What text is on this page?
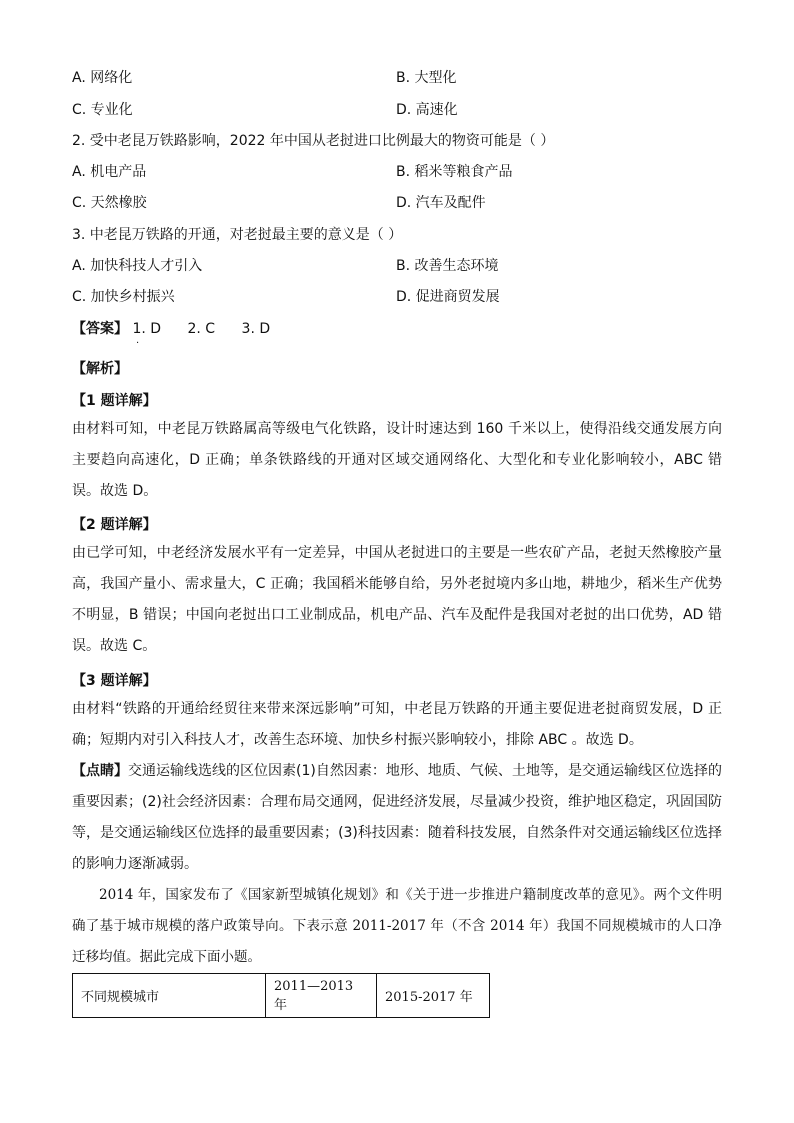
A. 网络化	B. 大型化
C. 专业化	D. 高速化
2. 受中老昆万铁路影响，2022 年中国从老挝进口比例最大的物资可能是（ ）
A. 机电产品	B. 稻米等粮食产品
C. 天然橡胶	D. 汽车及配件
3. 中老昆万铁路的开通，对老挝最主要的意义是（ ）
A. 加快科技人才引入	B. 改善生态环境
C. 加快乡村振兴	D. 促进商贸发展
【答案】 1. D 2. C 3. D
·
【解析】
【1 题详解】
由材料可知，中老昆万铁路属高等级电气化铁路，设计时速达到 160 千米以上，使得沿线交通发展方向主要趋向高速化，D 正确；单条铁路线的开通对区域交通网络化、大型化和专业化影响较小，ABC 错误。故选 D。
【2 题详解】
由已学可知，中老经济发展水平有一定差异，中国从老挝进口的主要是一些农矿产品，老挝天然橡胶产量高，我国产量小、需求量大，C 正确；我国稻米能够自给，另外老挝境内多山地，耕地少，稻米生产优势不明显，B 错误；中国向老挝出口工业制成品，机电产品、汽车及配件是我国对老挝的出口优势，AD 错误。故选 C。
【3 题详解】
由材料“铁路的开通给经贸往来带来深远影响”可知，中老昆万铁路的开通主要促进老挝商贸发展，D 正确；短期内对引入科技人才，改善生态环境、加快乡村振兴影响较小，排除 ABC 。故选 D。
【点睛】交通运输线选线的区位因素(1)自然因素：地形、地质、气候、土地等，是交通运输线区位选择的重要因素；(2)社会经济因素：合理布局交通网，促进经济发展，尽量减少投资，维护地区稳定，巩固国防等，是交通运输线区位选择的最重要因素；(3)科技因素：随着科技发展，自然条件对交通运输线区位选择的影响力逐渐减弱。
2014 年，国家发布了《国家新型城镇化规划》和《关于进一步推进户籍制度改革的意见》。两个文件明确了基于城市规模的落户政策导向。下表示意 2011-2017 年（不含 2014 年）我国不同规模城市的人口净迁移均值。据此完成下面小题。
不同规模城市	2011—2013 年	2015-2017 年
